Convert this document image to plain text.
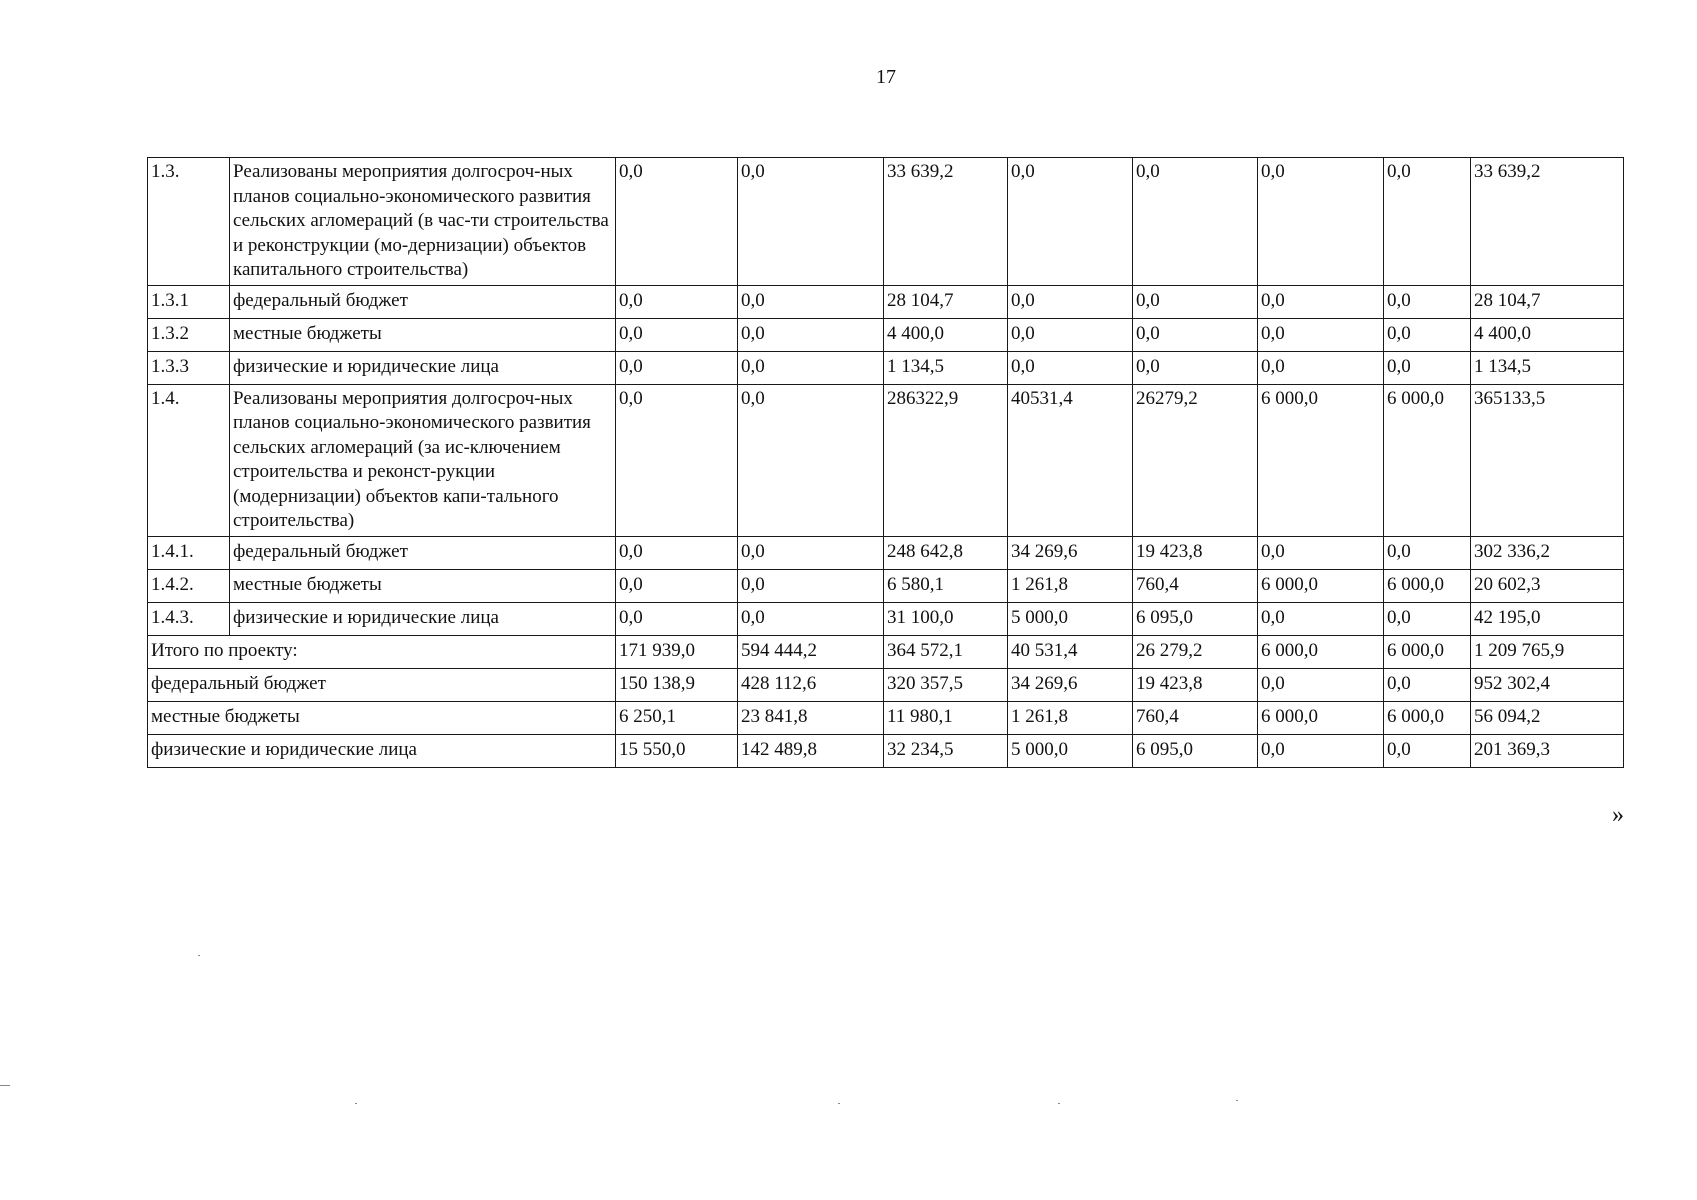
17
1.3.	Реализованы мероприятия долгосроч-ных планов социально-экономического развития сельских агломераций (в час-ти строительства и реконструкции (мо-дернизации) объектов капитального строительства)	0,0	0,0	33 639,2	0,0	0,0	0,0	0,0	33 639,2
1.3.1	федеральный бюджет	0,0	0,0	28 104,7	0,0	0,0	0,0	0,0	28 104,7
1.3.2	местные бюджеты	0,0	0,0	4 400,0	0,0	0,0	0,0	0,0	4 400,0
1.3.3	физические и юридические лица	0,0	0,0	1 134,5	0,0	0,0	0,0	0,0	1 134,5
1.4.	Реализованы мероприятия долгосроч-ных планов социально-экономического развития сельских агломераций (за ис-ключением строительства и реконст-рукции (модернизации) объектов капи-тального строительства)	0,0	0,0	286322,9	40531,4	26279,2	6 000,0	6 000,0	365133,5
1.4.1.	федеральный бюджет	0,0	0,0	248 642,8	34 269,6	19 423,8	0,0	0,0	302 336,2
1.4.2.	местные бюджеты	0,0	0,0	6 580,1	1 261,8	760,4	6 000,0	6 000,0	20 602,3
1.4.3.	физические и юридические лица	0,0	0,0	31 100,0	5 000,0	6 095,0	0,0	0,0	42 195,0
Итого по проекту:		171 939,0	594 444,2	364 572,1	40 531,4	26 279,2	6 000,0	6 000,0	1 209 765,9
федеральный бюджет		150 138,9	428 112,6	320 357,5	34 269,6	19 423,8	0,0	0,0	952 302,4
местные бюджеты		6 250,1	23 841,8	11 980,1	1 261,8	760,4	6 000,0	6 000,0	56 094,2
физические и юридические лица		15 550,0	142 489,8	32 234,5	5 000,0	6 095,0	0,0	0,0	201 369,3
»
